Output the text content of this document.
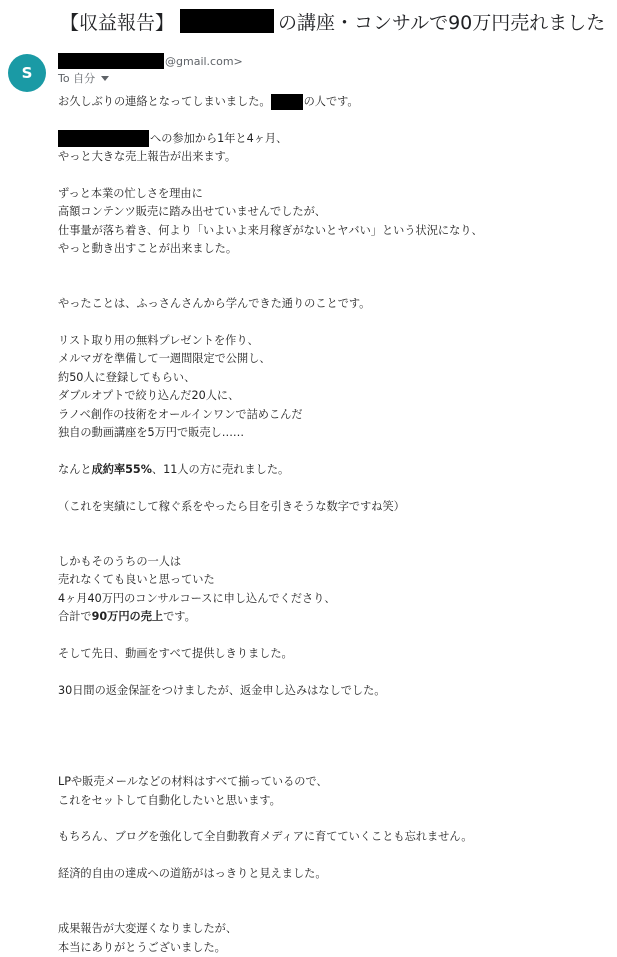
【収益報告】	の講座・コンサルで90万円売れました
S
@gmail.com>
To 自分
お久しぶりの連絡となってしまいました。	の人です。
への参加から1年と4ヶ月、
やっと大きな売上報告が出来ます。
ずっと本業の忙しさを理由に
高額コンテンツ販売に踏み出せていませんでしたが、
仕事量が落ち着き、何より「いよいよ来月稼ぎがないとヤバい」という状況になり、
やっと動き出すことが出来ました。
やったことは、ふっさんさんから学んできた通りのことです。
リスト取り用の無料プレゼントを作り、
メルマガを準備して一週間限定で公開し、
約50人に登録してもらい、
ダブルオプトで絞り込んだ20人に、
ラノベ創作の技術をオールインワンで詰めこんだ
独自の動画講座を5万円で販売し……
なんと 成約率55% 、11人の方に売れました。
（これを実績にして稼ぐ系をやったら目を引きそうな数字ですね笑）
しかもそのうちの一人は
売れなくても良いと思っていた
4ヶ月40万円のコンサルコースに申し込んでくださり、
合計で 90万円の売上 です。
そして先日、動画をすべて提供しきりました。
30日間の返金保証をつけましたが、返金申し込みはなしでした。
LPや販売メールなどの材料はすべて揃っているので、
これをセットして自動化したいと思います。
もちろん、ブログを強化して全自動教育メディアに育てていくことも忘れません。
経済的自由の達成への道筋がはっきりと見えました。
成果報告が大変遅くなりましたが、
本当にありがとうございました。
